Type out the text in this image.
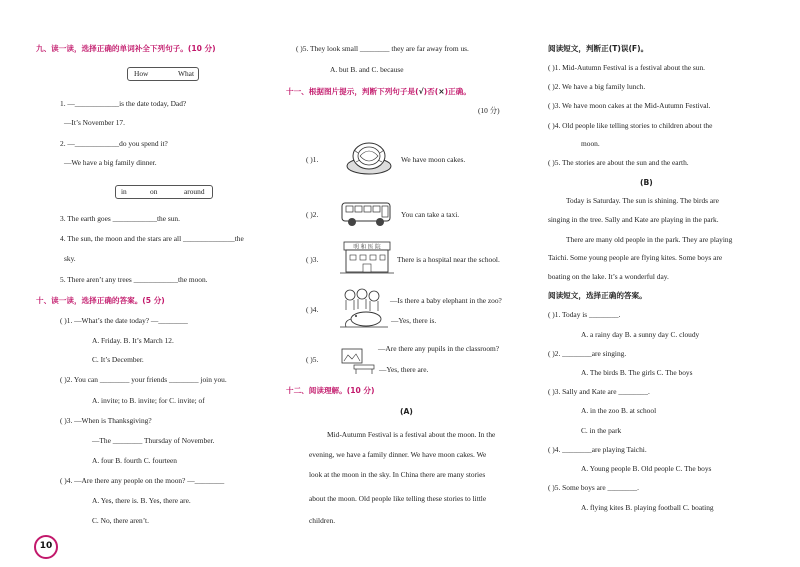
九、读一读，选择正确的单词补全下列句子。(10 分)
How	What
1. —____________is the date today, Dad?
—It’s November 17.
2. —____________do you spend it?
—We have a big family dinner.
in	on	around
3. The earth goes ____________the sun.
4. The sun, the moon and the stars are all ______________the
sky.
5. There aren’t any trees ____________the moon.
十、读一读，选择正确的答案。(5 分)
( )1. —What’s the date today? —________
A. Friday. B. It’s March 12.
C. It’s December.
( )2. You can ________ your friends ________ join you.
A. invite; to B. invite; for C. invite; of
( )3. —When is Thanksgiving?
—The ________ Thursday of November.
A. four B. fourth C. fourteen
( )4. —Are there any people on the moon? —________
A. Yes, there is. B. Yes, there are.
C. No, there aren’t.
10
( )5. They look small ________ they are far away from us.
A. but B. and C. because
十一、根据图片提示，判断下列句子是(√)否(×)正确。
(10 分)
( )1.	We have moon cakes.
( )2.	You can take a taxi.
( )3.
明 和 医 院
There is a hospital near the school.
( )4.
—Is there a baby elephant in the zoo?
—Yes, there is.
( )5.
—Are there any pupils in the classroom?
—Yes, there are.
十二、阅读理解。(10 分)
(A)
Mid-Autumn Festival is a festival about the moon. In the
evening, we have a family dinner. We have moon cakes. We
look at the moon in the sky. In China there are many stories
about the moon. Old people like telling these stories to little
children.
阅读短文，判断正(T)误(F)。
( )1. Mid-Autumn Festival is a festival about the sun.
( )2. We have a big family lunch.
( )3. We have moon cakes at the Mid-Autumn Festival.
( )4. Old people like telling stories to children about the
moon.
( )5. The stories are about the sun and the earth.
(B)
Today is Saturday. The sun is shining. The birds are
singing in the tree. Sally and Kate are playing in the park.
There are many old people in the park. They are playing
Taichi. Some young people are flying kites. Some boys are
boating on the lake. It’s a wonderful day.
阅读短文，选择正确的答案。
( )1. Today is ________.
A. a rainy day B. a sunny day C. cloudy
( )2. ________are singing.
A. The birds B. The girls C. The boys
( )3. Sally and Kate are ________.
A. in the zoo B. at school
C. in the park
( )4. ________are playing Taichi.
A. Young people B. Old people C. The boys
( )5. Some boys are ________.
A. flying kites B. playing football C. boating
